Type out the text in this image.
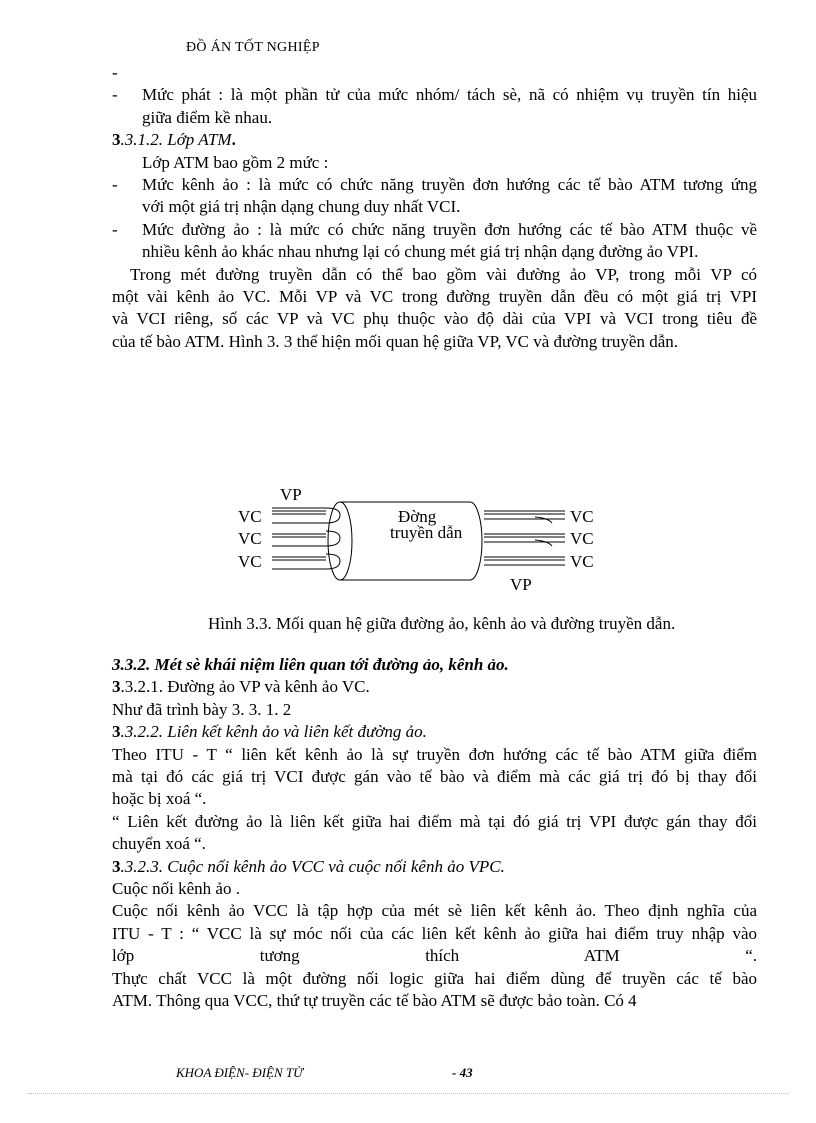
ĐỒ ÁN TỐT NGHIỆP
-
-	Mức phát : là một phần tử của mức nhóm/ tách sè, nã có nhiệm vụ truyền tín hiệu
giữa điểm kề nhau.
3.3.1.2. Lớp ATM.
Lớp ATM bao gồm 2 mức :
-	Mức kênh ảo : là mức có chức năng truyền đơn hướng các tế bào ATM tương ứng
với một giá trị nhận dạng chung duy nhất VCI.
-	Mức đường ảo : là mức có chức năng truyền đơn hướng các tế bào ATM thuộc về
nhiều kênh ảo khác nhau nhưng lại có chung mét giá trị nhận dạng đường ảo VPI.
Trong mét đường truyền dẫn có thể bao gồm vài đường ảo VP, trong mỗi VP có
một vài kênh ảo VC. Mỗi VP và VC trong đường truyền dẫn đều có một giá trị VPI
và VCI riêng, số các VP và VC phụ thuộc vào độ dài của VPI và VCI trong tiêu đề
của tế bào ATM. Hình 3. 3 thể hiện mối quan hệ giữa VP, VC và đường truyền dẫn.
VP
VC
VC
VC
VC
VC
VC
VP
Đờng
truyền dẫn
Hình 3.3. Mối quan hệ giữa đường ảo, kênh ảo và đường truyền dẫn.
3.3.2. Mét sè khái niệm liên quan tới đường ảo, kênh ảo.
3.3.2.1. Đường ảo VP và kênh ảo VC.
Như đã trình bày 3. 3. 1. 2
3.3.2.2. Liên kết kênh ảo và liên kết đường ảo.
Theo ITU - T “ liên kết kênh ảo là sự truyền đơn hướng các tế bào ATM giữa điểm
mà tại đó các giá trị VCI được gán vào tế bào và điểm mà các giá trị đó bị thay đổi
hoặc bị xoá “.
“ Liên kết đường ảo là liên kết giữa hai điểm mà tại đó giá trị VPI được gán thay đổi
chuyển xoá “.
3.3.2.3. Cuộc nối kênh ảo VCC và cuộc nối kênh ảo VPC.
Cuộc nối kênh ảo .
Cuộc nối kênh ảo VCC là tập hợp của mét sè liên kết kênh ảo. Theo định nghĩa của
ITU - T : “ VCC là sự móc nối của các liên kết kênh ảo giữa hai điểm truy nhập vào
lớp tương thích ATM “.
Thực chất VCC là một đường nối logic giữa hai điểm dùng để truyền các tế bào
ATM. Thông qua VCC, thứ tự truyền các tế bào ATM sẽ được bảo toàn. Có 4
KHOA ĐIỆN- ĐIỆN TỬ	- 43
